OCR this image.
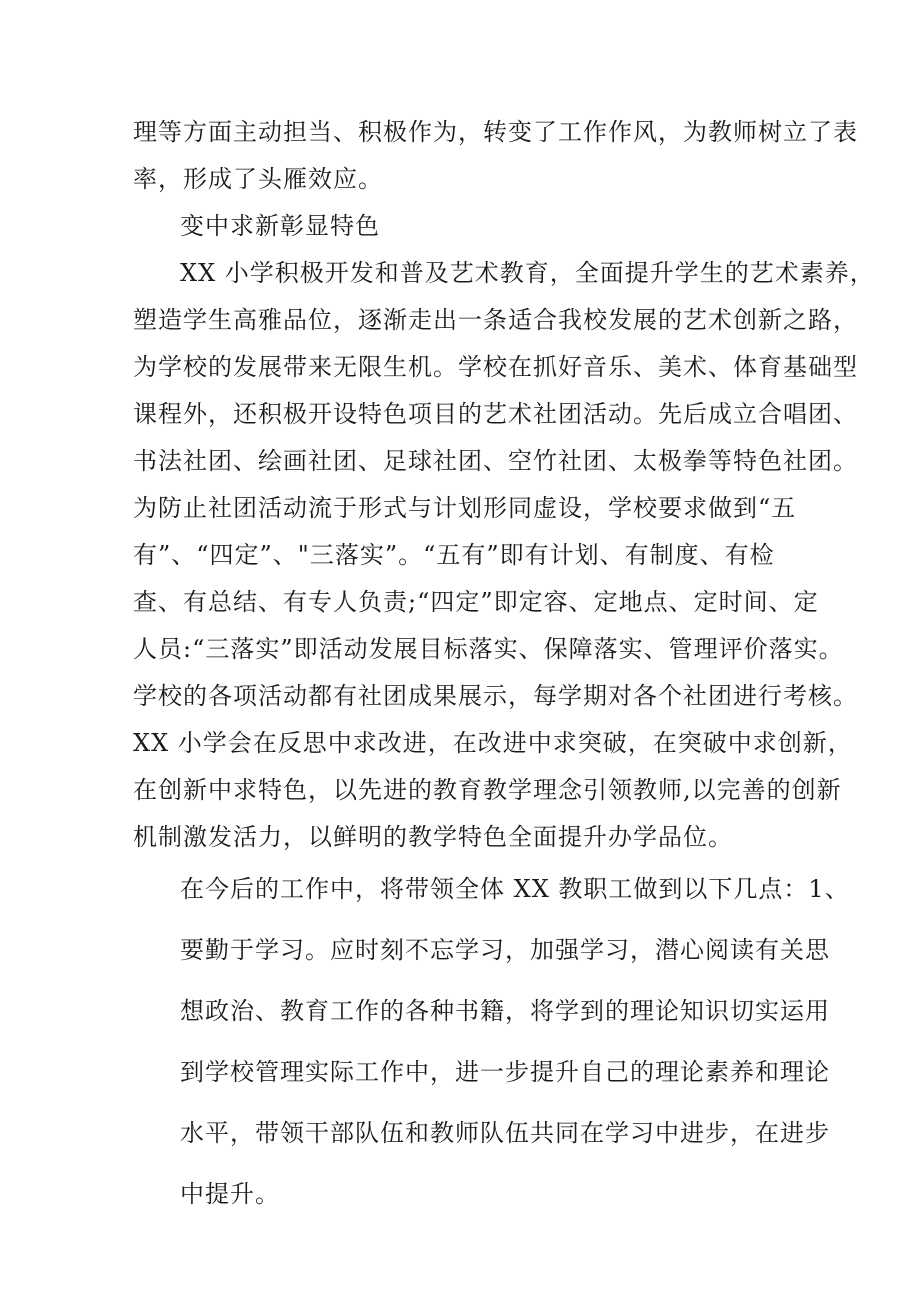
理等方面主动担当、积极作为，转变了工作作风，为教师树立了表
率，形成了头雁效应。
变中求新彰显特色
XX 小学积极开发和普及艺术教育，全面提升学生的艺术素养，
塑造学生高雅品位，逐渐走出一条适合我校发展的艺术创新之路，
为学校的发展带来无限生机。学校在抓好音乐、美术、体育基础型
课程外，还积极开设特色项目的艺术社团活动。先后成立合唱团、
书法社团、绘画社团、足球社团、空竹社团、太极拳等特色社团。
为防止社团活动流于形式与计划形同虚设，学校要求做到“五
有”、“四定”、"三落实”。“五有”即有计划、有制度、有检
查、有总结、有专人负责;“四定”即定容、定地点、定时间、定
人员:“三落实”即活动发展目标落实、保障落实、管理评价落实。
学校的各项活动都有社团成果展示，每学期对各个社团进行考核。
XX 小学会在反思中求改进，在改进中求突破，在突破中求创新，
在创新中求特色，以先进的教育教学理念引领教师,以完善的创新
机制激发活力，以鲜明的教学特色全面提升办学品位。
在今后的工作中，将带领全体 XX 教职工做到以下几点：1、
要勤于学习。应时刻不忘学习，加强学习，潜心阅读有关思
想政治、教育工作的各种书籍，将学到的理论知识切实运用
到学校管理实际工作中，进一步提升自己的理论素养和理论
水平，带领干部队伍和教师队伍共同在学习中进步，在进步
中提升。
